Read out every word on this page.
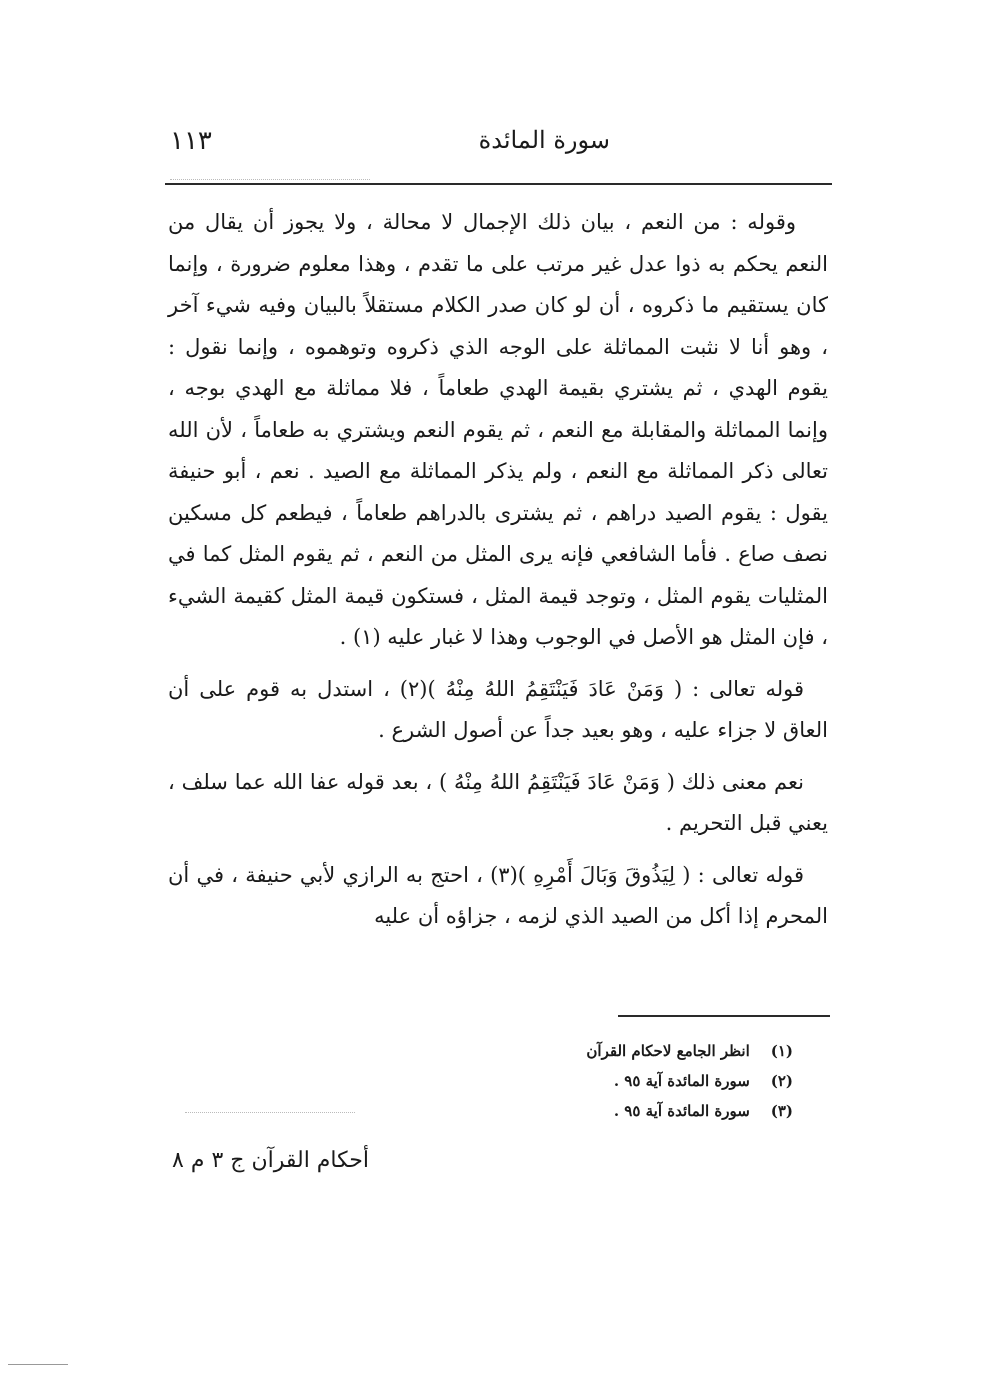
سورة المائدة
١١٣

وقوله : من النعم ، بيان ذلك الإجمال لا محالة ، ولا يجوز أن يقال من النعم يحكم به ذوا عدل غير مرتب على ما تقدم ، وهذا معلوم ضرورة ، وإنما كان يستقيم ما ذكروه ، أن لو كان صدر الكلام مستقلاً بالبيان وفيه شيء آخر ، وهو أنا لا نثبت المماثلة على الوجه الذي ذكروه وتوهموه ، وإنما نقول : يقوم الهدي ، ثم يشتري بقيمة الهدي طعاماً ، فلا مماثلة مع الهدي بوجه ، وإنما المماثلة والمقابلة مع النعم ، ثم يقوم النعم ويشتري به طعاماً ، لأن الله تعالى ذكر المماثلة مع النعم ، ولم يذكر المماثلة مع الصيد . نعم ، أبو حنيفة يقول : يقوم الصيد دراهم ، ثم يشترى بالدراهم طعاماً ، فيطعم كل مسكين نصف صاع . فأما الشافعي فإنه يرى المثل من النعم ، ثم يقوم المثل كما في المثليات يقوم المثل ، وتوجد قيمة المثل ، فستكون قيمة المثل كقيمة الشيء ، فإن المثل هو الأصل في الوجوب وهذا لا غبار عليه (١) .

قوله تعالى : ( وَمَنْ عَادَ فَيَنْتَقِمُ اللهُ مِنْهُ )(٢) ، استدل به قوم على أن العاق لا جزاء عليه ، وهو بعيد جداً عن أصول الشرع .

نعم معنى ذلك ( وَمَنْ عَادَ فَيَنْتَقِمُ اللهُ مِنْهُ ) ، بعد قوله عفا الله عما سلف ، يعني قبل التحريم .

قوله تعالى : ( لِيَذُوقَ وَبَالَ أَمْرِهِ )(٣) ، احتج به الرازي لأبي حنيفة ، في أن المحرم إذا أكل من الصيد الذي لزمه ، جزاؤه أن عليه

(١) انظر الجامع لاحكام القرآن

(٢) سورة المائدة آية ٩٥ .

(٣) سورة المائدة آية ٩٥ .

أحكام القرآن ج ٣ م ٨
